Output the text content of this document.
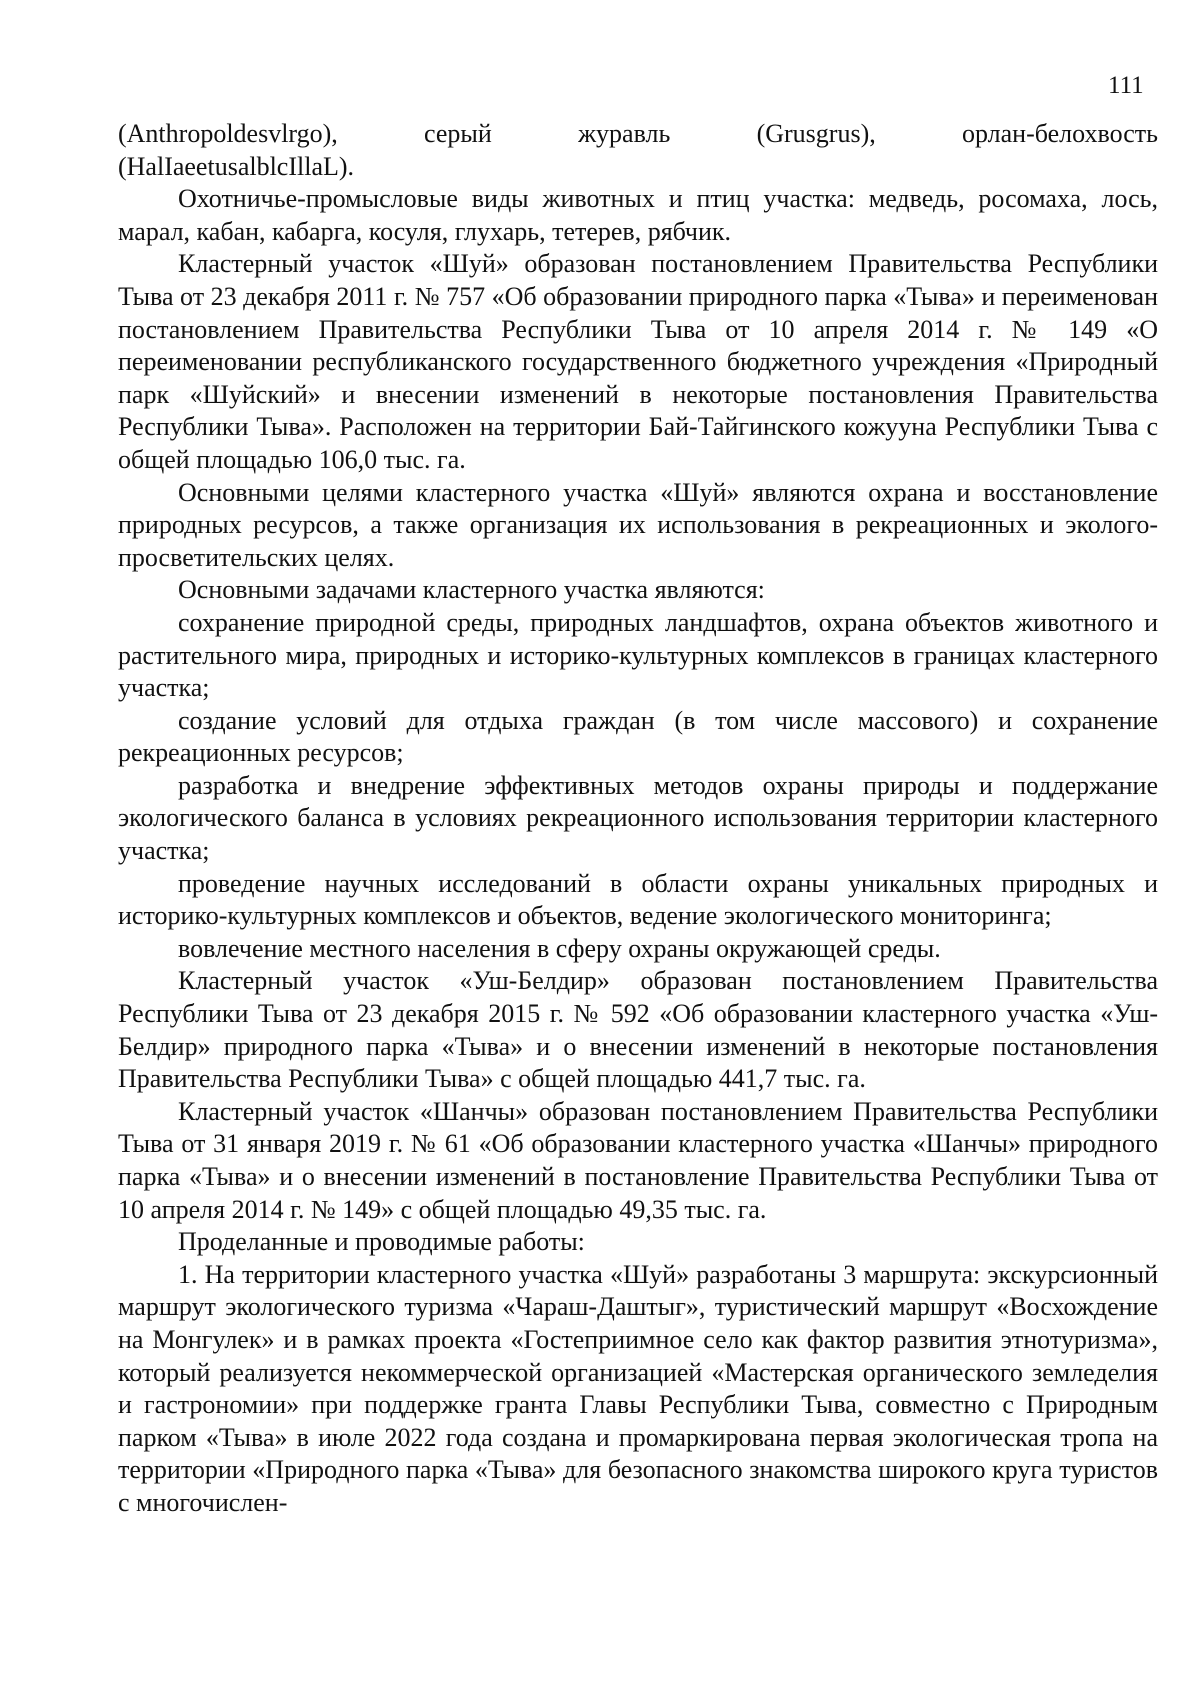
111

(Anthropoldesvlrgo), серый журавль (Grusgrus), орлан-белохвость

(HalIaeetusalblcIllaL).

Охотничье-промысловые виды животных и птиц участка: медведь, росомаха, лось, марал, кабан, кабарга, косуля, глухарь, тетерев, рябчик.

Кластерный участок «Шуй» образован постановлением Правительства Республики Тыва от 23 декабря 2011 г. № 757 «Об образовании природного парка «Тыва» и переименован постановлением Правительства Республики Тыва от 10 апреля 2014 г. № 149 «О переименовании республиканского государственного бюджетного учреждения «Природный парк «Шуйский» и внесении изменений в некоторые постановления Правительства Республики Тыва». Расположен на территории Бай-Тайгинского кожууна Республики Тыва с общей площадью 106,0 тыс. га.

Основными целями кластерного участка «Шуй» являются охрана и восстановление природных ресурсов, а также организация их использования в рекреационных и эколого-просветительских целях.

Основными задачами кластерного участка являются:

сохранение природной среды, природных ландшафтов, охрана объектов животного и растительного мира, природных и историко-культурных комплексов в границах кластерного участка;

создание условий для отдыха граждан (в том числе массового) и сохранение рекреационных ресурсов;

разработка и внедрение эффективных методов охраны природы и поддержание экологического баланса в условиях рекреационного использования территории кластерного участка;

проведение научных исследований в области охраны уникальных природных и историко-культурных комплексов и объектов, ведение экологического мониторинга;

вовлечение местного населения в сферу охраны окружающей среды.

Кластерный участок «Уш-Белдир» образован постановлением Правительства Республики Тыва от 23 декабря 2015 г. № 592 «Об образовании кластерного участка «Уш-Белдир» природного парка «Тыва» и о внесении изменений в некоторые постановления Правительства Республики Тыва» с общей площадью 441,7 тыс. га.

Кластерный участок «Шанчы» образован постановлением Правительства Республики Тыва от 31 января 2019 г. № 61 «Об образовании кластерного участка «Шанчы» природного парка «Тыва» и о внесении изменений в постановление Правительства Республики Тыва от 10 апреля 2014 г. № 149» с общей площадью 49,35 тыс. га.

Проделанные и проводимые работы:

1. На территории кластерного участка «Шуй» разработаны 3 маршрута: экскурсионный маршрут экологического туризма «Чараш-Даштыг», туристический маршрут «Восхождение на Монгулек» и в рамках проекта «Гостеприимное село как фактор развития этнотуризма», который реализуется некоммерческой организацией «Мастерская органического земледелия и гастрономии» при поддержке гранта Главы Республики Тыва, совместно с Природным парком «Тыва» в июле 2022 года создана и промаркирована первая экологическая тропа на территории «Природного парка «Тыва» для безопасного знакомства широкого круга туристов с многочислен-
